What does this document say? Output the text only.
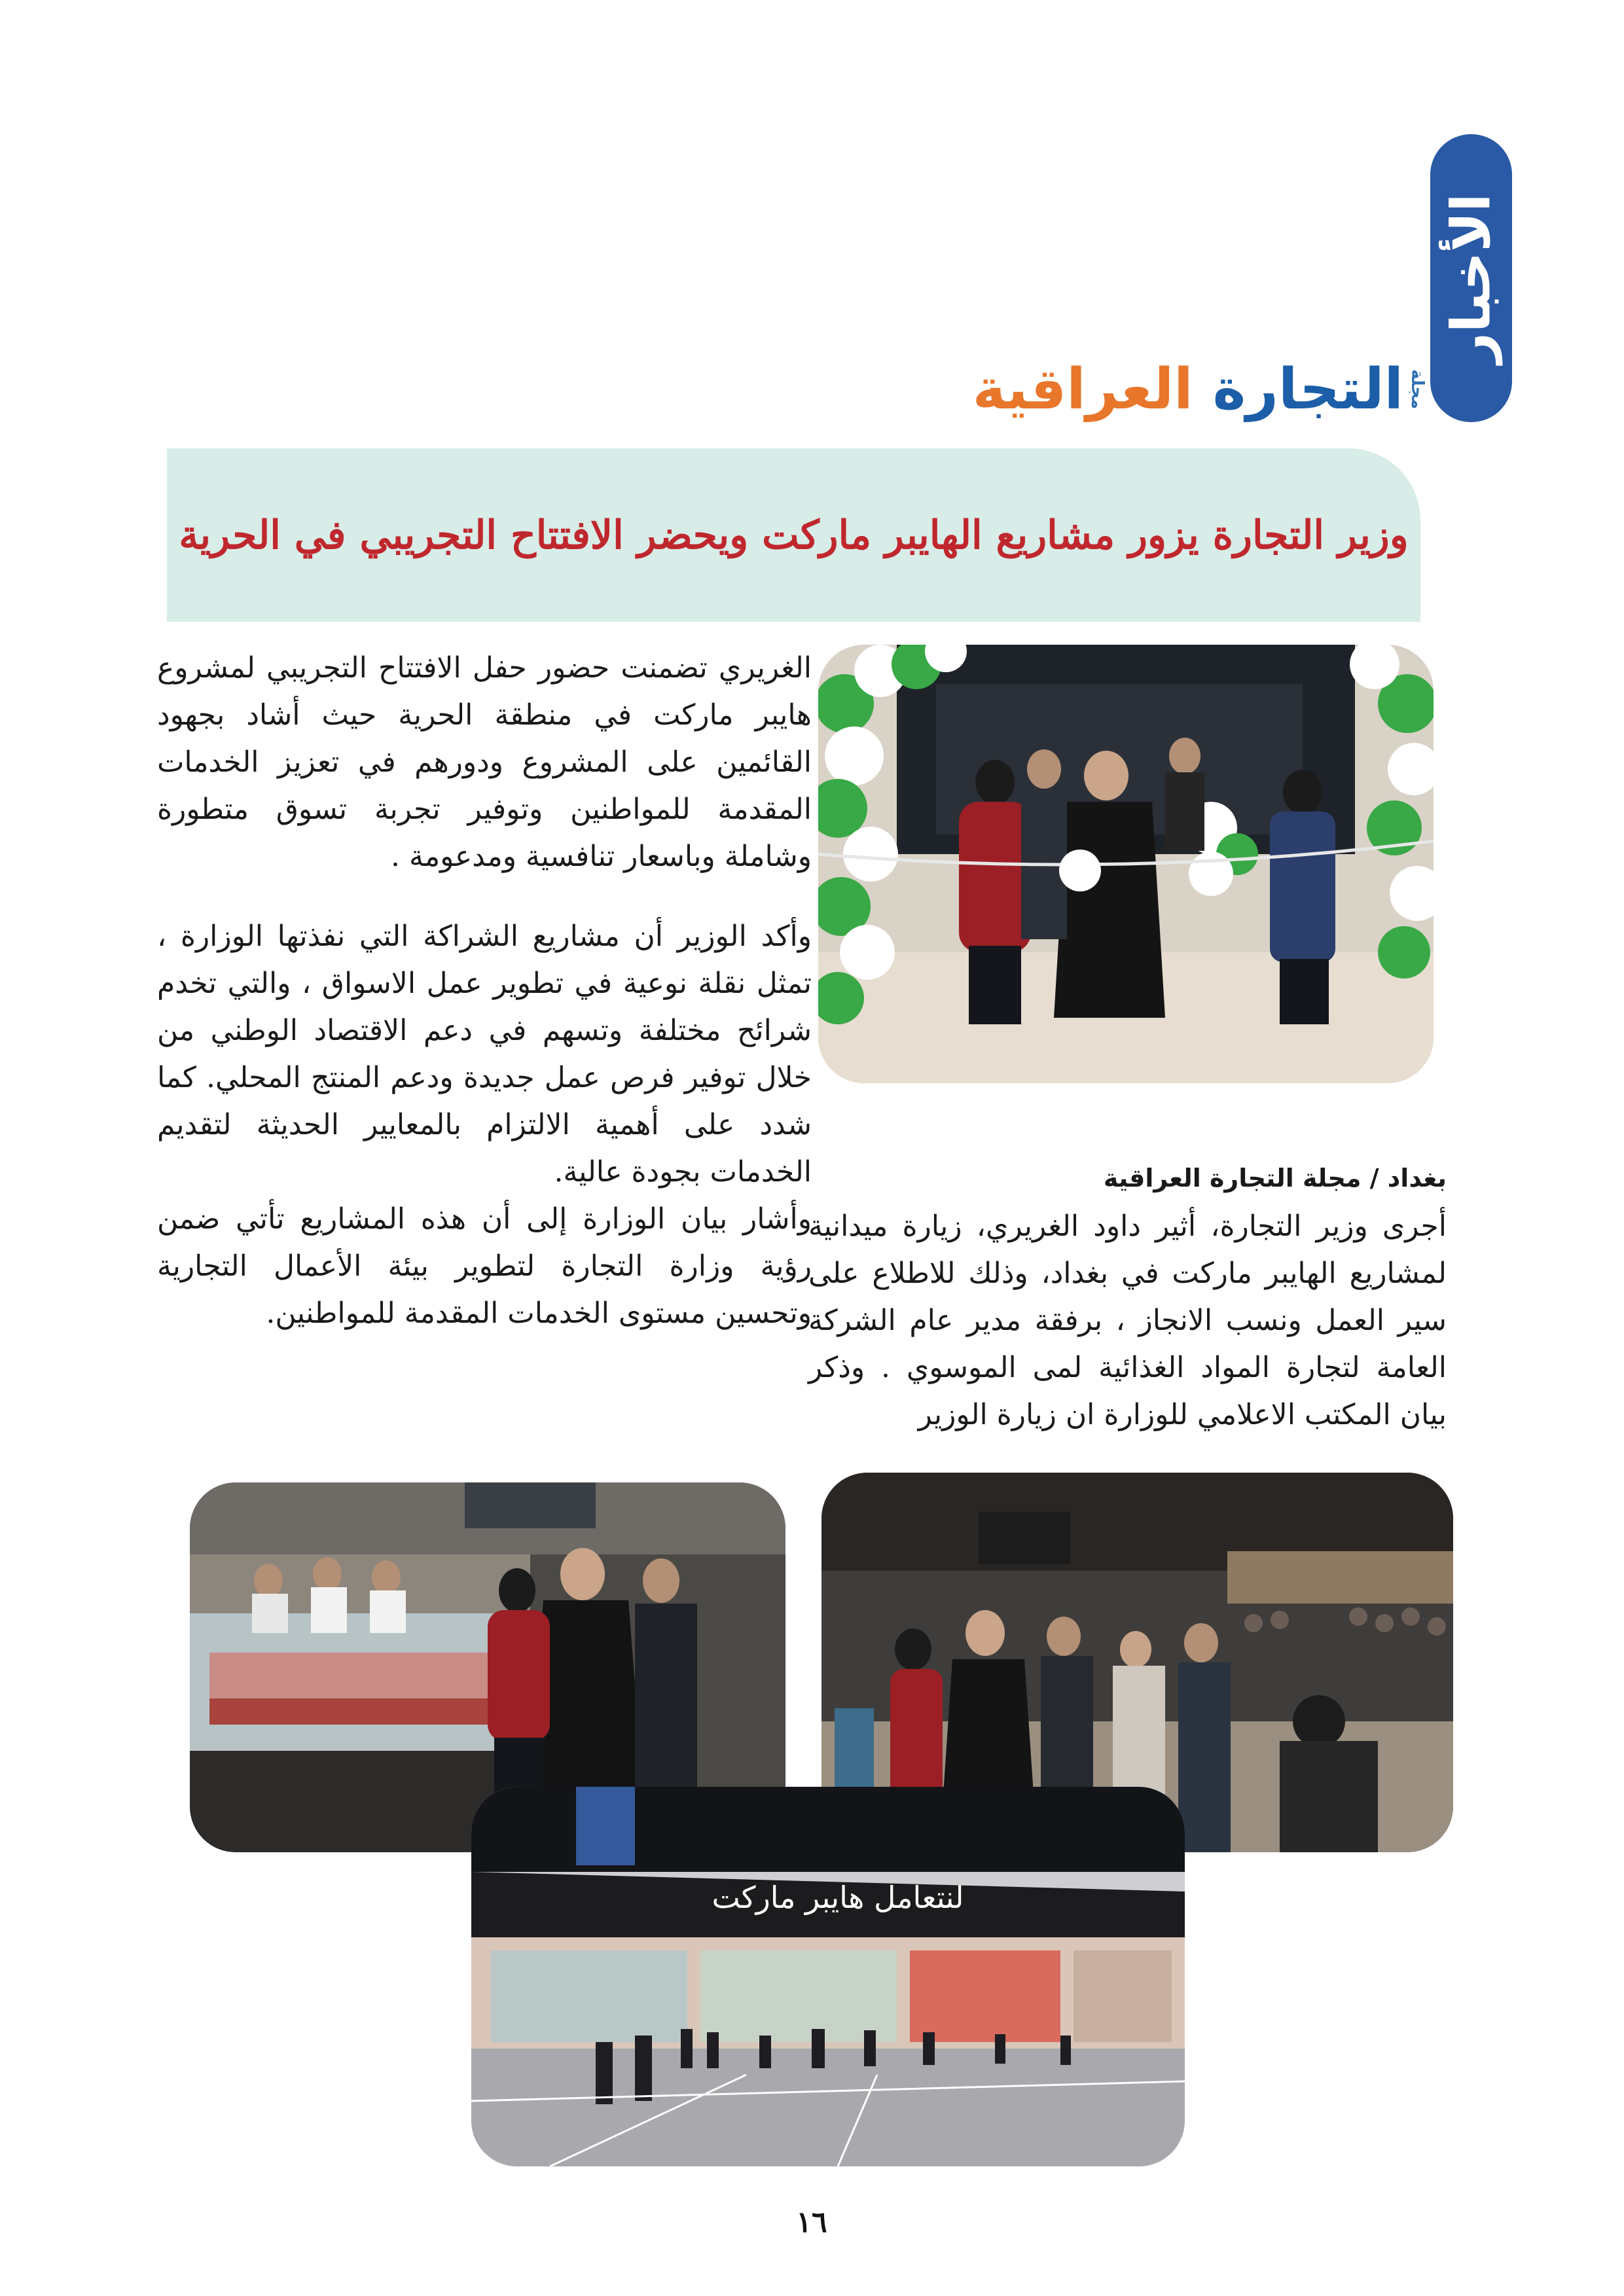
الأخبار
مجلة
التجارة العراقية
وزير التجارة يزور مشاريع الهايبر ماركت ويحضر الافتتاح التجريبي في الحرية

الغريري تضمنت حضور حفل الافتتاح التجريبي لمشروع هايبر ماركت في منطقة الحرية حيث أشاد بجهود القائمين على المشروع ودورهم في تعزيز الخدمات المقدمة للمواطنين وتوفير تجربة تسوق متطورة وشاملة وباسعار تنافسية ومدعومة .

وأكد الوزير أن مشاريع الشراكة التي نفذتها الوزارة ، تمثل نقلة نوعية في تطوير عمل الاسواق ، والتي تخدم شرائح مختلفة وتسهم في دعم الاقتصاد الوطني من خلال توفير فرص عمل جديدة ودعم المنتج المحلي. كما شدد على أهمية الالتزام بالمعايير الحديثة لتقديم الخدمات بجودة عالية.

وأشار بيان الوزارة إلى أن هذه المشاريع تأتي ضمن رؤية وزارة التجارة لتطوير بيئة الأعمال التجارية وتحسين مستوى الخدمات المقدمة للمواطنين.

بغداد / مجلة التجارة العراقية

أجرى وزير التجارة، أثير داود الغريري، زيارة ميدانية لمشاريع الهايبر ماركت في بغداد، وذلك للاطلاع على سير العمل ونسب الانجاز ، برفقة مدير عام الشركة العامة لتجارة المواد الغذائية لمى الموسوي . وذكر بيان المكتب الاعلامي للوزارة ان زيارة الوزير

لنتعامل هايبر ماركت
١٦
